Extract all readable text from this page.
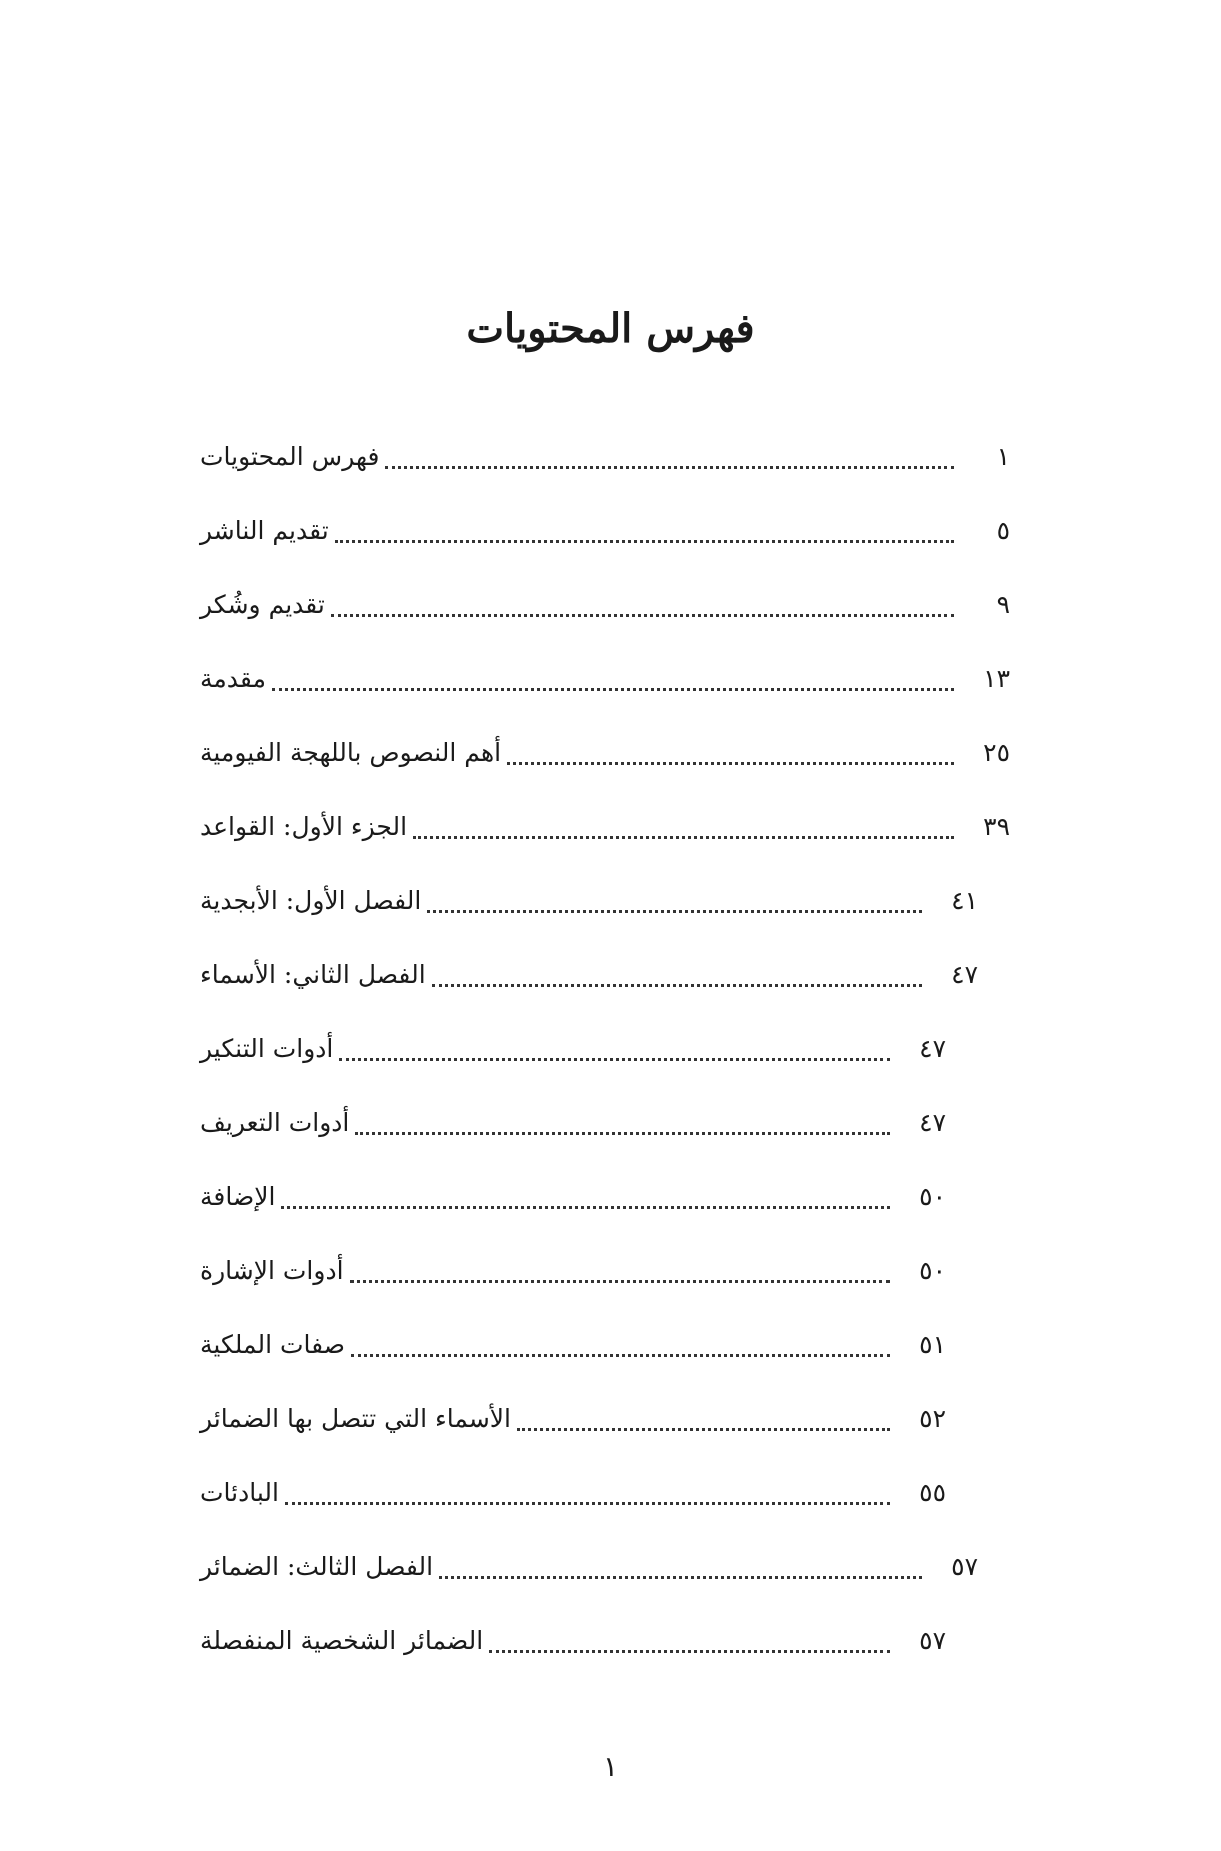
فهرس المحتويات
فهرس المحتويات	١
تقديم الناشر	٥
تقديم وشُكر	٩
مقدمة	١٣
أهم النصوص باللهجة الفيومية	٢٥
الجزء الأول: القواعد	٣٩
الفصل الأول: الأبجدية	٤١
الفصل الثاني: الأسماء	٤٧
أدوات التنكير	٤٧
أدوات التعريف	٤٧
الإضافة	٥٠
أدوات الإشارة	٥٠
صفات الملكية	٥١
الأسماء التي تتصل بها الضمائر	٥٢
البادئات	٥٥
الفصل الثالث: الضمائر	٥٧
الضمائر الشخصية المنفصلة	٥٧
١
